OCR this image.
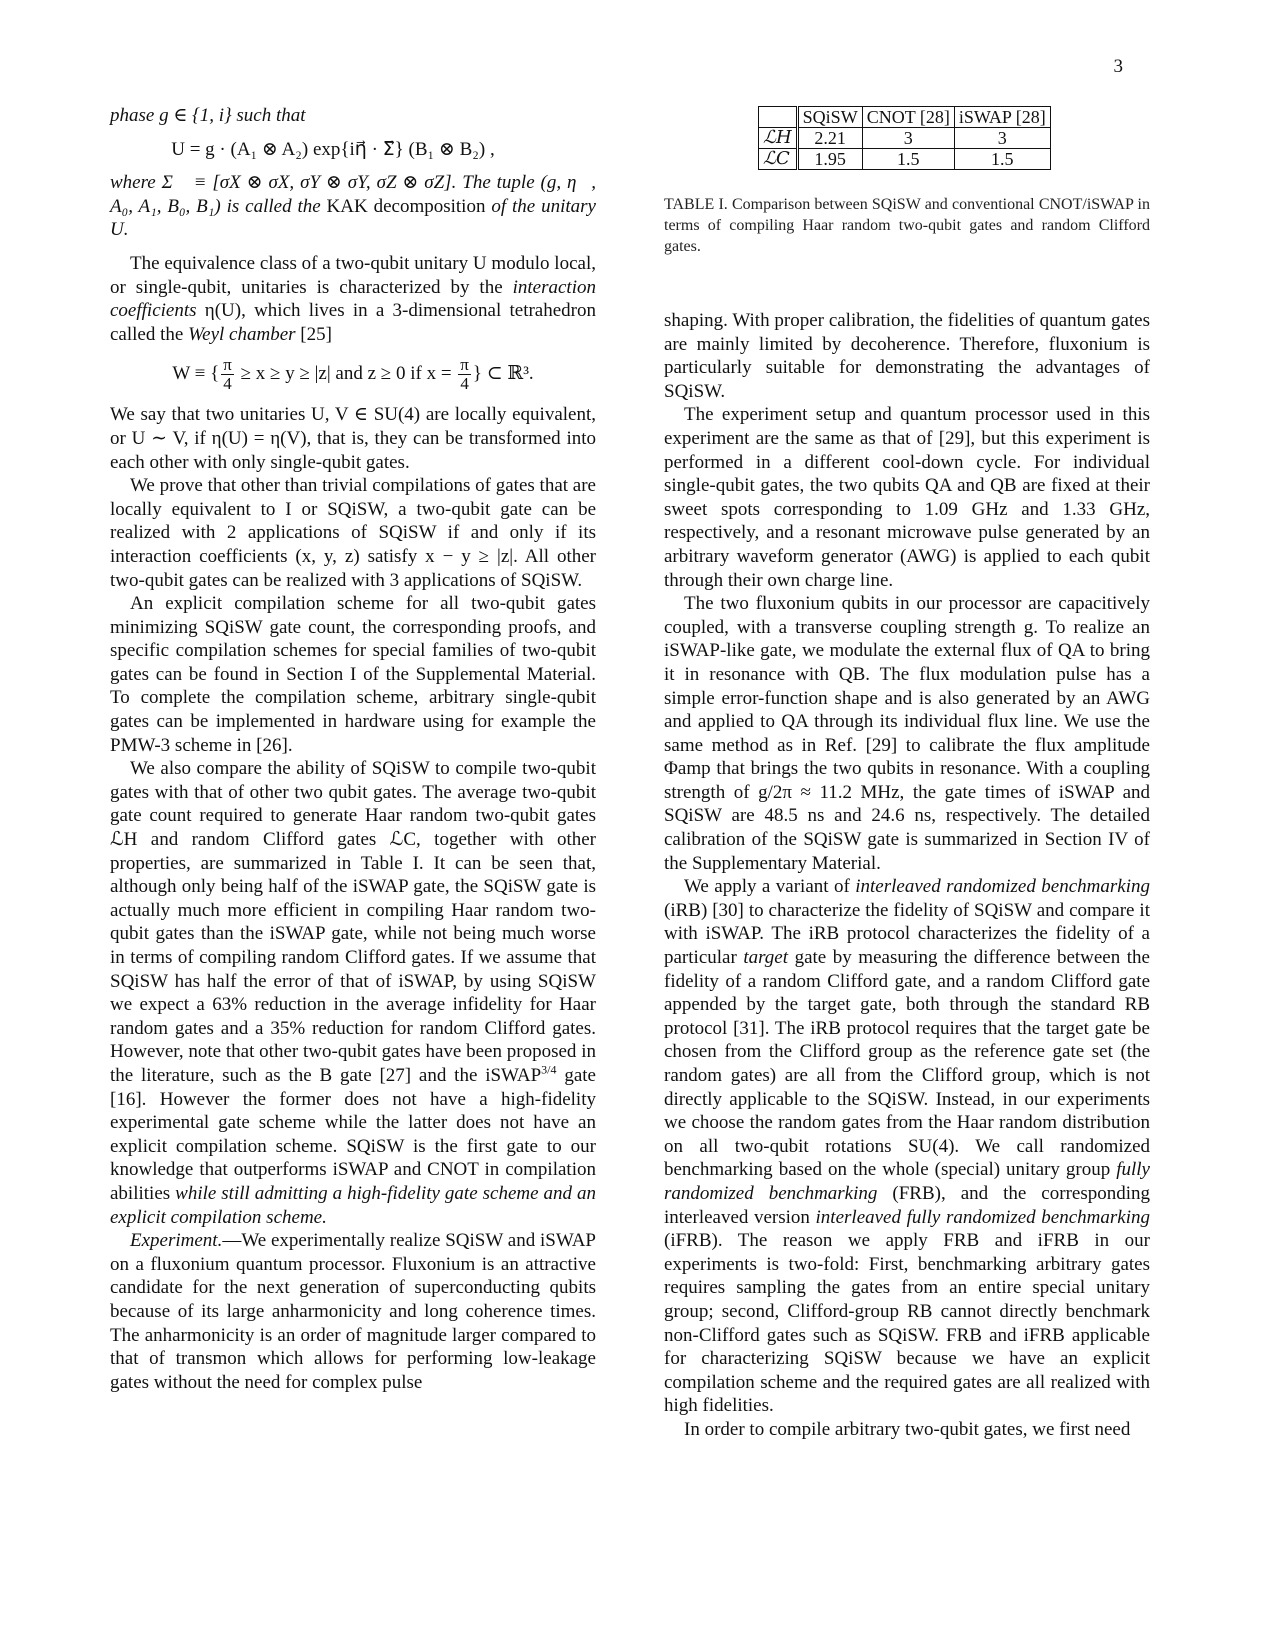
3

phase g ∈ {1, i} such that

U = g · (A₁ ⊗ A₂) exp{iη⃗ · Σ⃗} (B₁ ⊗ B₂) ,

where Σ⃗ ≡ [σX ⊗ σX, σY ⊗ σY, σZ ⊗ σZ]. The tuple (g, η⃗, A₀, A₁, B₀, B₁) is called the KAK decomposition of the unitary U.

The equivalence class of a two-qubit unitary U modulo local, or single-qubit, unitaries is characterized by the interaction coefficients η(U), which lives in a 3-dimensional tetrahedron called the Weyl chamber [25]

W ≡ { $\frac{\pi}{4} \ge x \ge y \ge |z|$ and z ≥ 0 if $x = \frac{\pi}{4}$ } ⊂ ℝ³.

We say that two unitaries U, V ∈ SU(4) are locally equivalent, or U ∼ V, if η(U) = η(V), that is, they can be transformed into each other with only single-qubit gates.

We prove that other than trivial compilations of gates that are locally equivalent to I or SQiSW, a two-qubit gate can be realized with 2 applications of SQiSW if and only if its interaction coefficients (x, y, z) satisfy x − y ≥ |z|. All other two-qubit gates can be realized with 3 applications of SQiSW.

An explicit compilation scheme for all two-qubit gates minimizing SQiSW gate count, the corresponding proofs, and specific compilation schemes for special families of two-qubit gates can be found in Section I of the Supplemental Material. To complete the compilation scheme, arbitrary single-qubit gates can be implemented in hardware using for example the PMW-3 scheme in [26].

We also compare the ability of SQiSW to compile two-qubit gates with that of other two qubit gates. The average two-qubit gate count required to generate Haar random two-qubit gates ℒH and random Clifford gates ℒC, together with other properties, are summarized in Table I. It can be seen that, although only being half of the iSWAP gate, the SQiSW gate is actually much more efficient in compiling Haar random two-qubit gates than the iSWAP gate, while not being much worse in terms of compiling random Clifford gates. If we assume that SQiSW has half the error of that of iSWAP, by using SQiSW we expect a 63% reduction in the average infidelity for Haar random gates and a 35% reduction for random Clifford gates. However, note that other two-qubit gates have been proposed in the literature, such as the B gate [27] and the iSWAP$^{3/4}$ gate [16]. However the former does not have a high-fidelity experimental gate scheme while the latter does not have an explicit compilation scheme. SQiSW is the first gate to our knowledge that outperforms iSWAP and CNOT in compilation abilities while still admitting a high-fidelity gate scheme and an explicit compilation scheme.

Experiment.—We experimentally realize SQiSW and iSWAP on a fluxonium quantum processor. Fluxonium is an attractive candidate for the next generation of superconducting qubits because of its large anharmonicity and long coherence times. The anharmonicity is an order of magnitude larger compared to that of transmon which allows for performing low-leakage gates without the need for complex pulse

	SQiSW	CNOT [28]	iSWAP [28]
ℒH	2.21	3	3
ℒC	1.95	1.5	1.5

TABLE I. Comparison between SQiSW and conventional CNOT/iSWAP in terms of compiling Haar random two-qubit gates and random Clifford gates.

shaping. With proper calibration, the fidelities of quantum gates are mainly limited by decoherence. Therefore, fluxonium is particularly suitable for demonstrating the advantages of SQiSW.

The experiment setup and quantum processor used in this experiment are the same as that of [29], but this experiment is performed in a different cool-down cycle. For individual single-qubit gates, the two qubits QA and QB are fixed at their sweet spots corresponding to 1.09 GHz and 1.33 GHz, respectively, and a resonant microwave pulse generated by an arbitrary waveform generator (AWG) is applied to each qubit through their own charge line.

The two fluxonium qubits in our processor are capacitively coupled, with a transverse coupling strength g. To realize an iSWAP-like gate, we modulate the external flux of QA to bring it in resonance with QB. The flux modulation pulse has a simple error-function shape and is also generated by an AWG and applied to QA through its individual flux line. We use the same method as in Ref. [29] to calibrate the flux amplitude Φamp that brings the two qubits in resonance. With a coupling strength of g/2π ≈ 11.2 MHz, the gate times of iSWAP and SQiSW are 48.5 ns and 24.6 ns, respectively. The detailed calibration of the SQiSW gate is summarized in Section IV of the Supplementary Material.

We apply a variant of interleaved randomized benchmarking (iRB) [30] to characterize the fidelity of SQiSW and compare it with iSWAP. The iRB protocol characterizes the fidelity of a particular target gate by measuring the difference between the fidelity of a random Clifford gate, and a random Clifford gate appended by the target gate, both through the standard RB protocol [31]. The iRB protocol requires that the target gate be chosen from the Clifford group as the reference gate set (the random gates) are all from the Clifford group, which is not directly applicable to the SQiSW. Instead, in our experiments we choose the random gates from the Haar random distribution on all two-qubit rotations SU(4). We call randomized benchmarking based on the whole (special) unitary group fully randomized benchmarking (FRB), and the corresponding interleaved version interleaved fully randomized benchmarking (iFRB). The reason we apply FRB and iFRB in our experiments is two-fold: First, benchmarking arbitrary gates requires sampling the gates from an entire special unitary group; second, Clifford-group RB cannot directly benchmark non-Clifford gates such as SQiSW. FRB and iFRB applicable for characterizing SQiSW because we have an explicit compilation scheme and the required gates are all realized with high fidelities.

In order to compile arbitrary two-qubit gates, we first need
